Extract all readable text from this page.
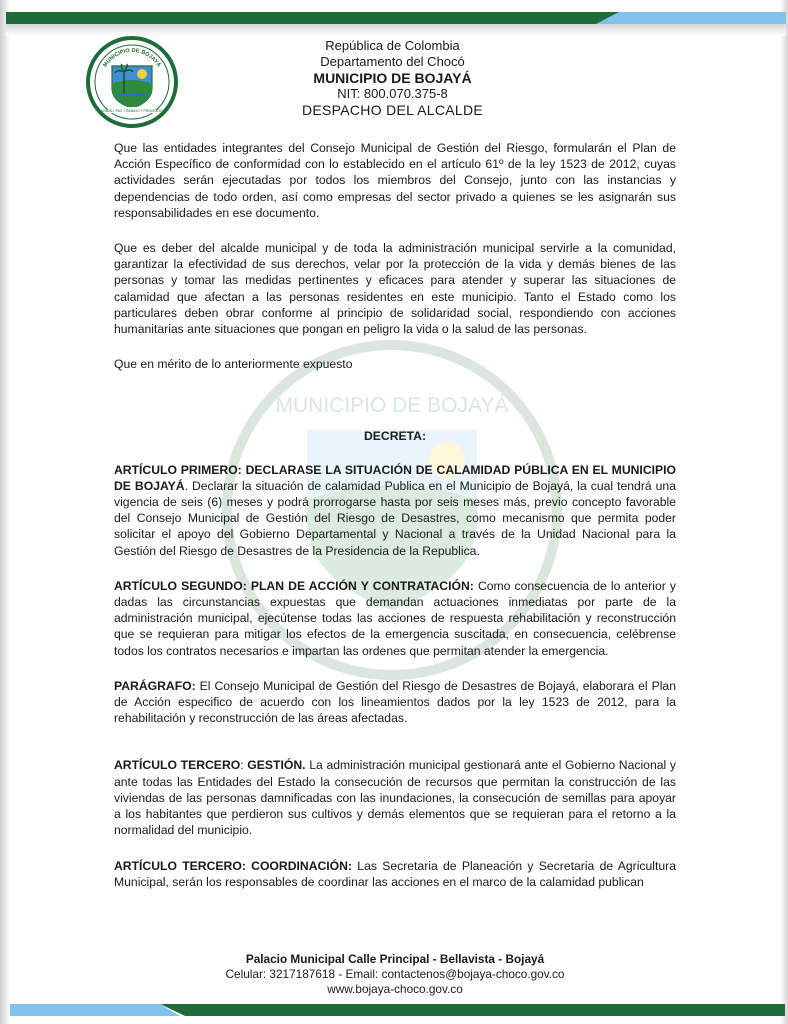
MUNICIPIO DE BOJAYÁ
UNIDAD, PAZ, TRABAJO Y PROGRESO
República de Colombia
Departamento del Chocó
MUNICIPIO DE BOJAYÁ
NIT: 800.070.375-8
DESPACHO DEL ALCALDE
MUNICIPIO DE BOJAYÁ

Que las entidades integrantes del Consejo Municipal de Gestión del Riesgo, formularán el Plan de Acción Específico de conformidad con lo establecido en el artículo 61º de la ley 1523 de 2012, cuyas actividades serán ejecutadas por todos los miembros del Consejo, junto con las instancias y dependencias de todo orden, así como empresas del sector privado a quienes se les asignarán sus responsabilidades en ese documento.

Que es deber del alcalde municipal y de toda la administración municipal servirle a la comunidad, garantizar la efectividad de sus derechos, velar por la protección de la vida y demás bienes de las personas y tomar las medidas pertinentes y eficaces para atender y superar las situaciones de calamidad que afectan a las personas residentes en este municipio. Tanto el Estado como los particulares deben obrar conforme al principio de solidaridad social, respondiendo con acciones humanitarias ante situaciones que pongan en peligro la vida o la salud de las personas.

Que en mérito de lo anteriormente expuesto

DECRETA:

ARTÍCULO PRIMERO: DECLARASE LA SITUACIÓN DE CALAMIDAD PÚBLICA EN EL MUNICIPIO DE BOJAYÁ. Declarar la situación de calamidad Publica en el Municipio de Bojayá, la cual tendrá una vigencia de seis (6) meses y podrá prorrogarse hasta por seis meses más, previo concepto favorable del Consejo Municipal de Gestión del Riesgo de Desastres, como mecanismo que permita poder solicitar el apoyo del Gobierno Departamental y Nacional a través de la Unidad Nacional para la Gestión del Riesgo de Desastres de la Presidencia de la Republica.

ARTÍCULO SEGUNDO: PLAN DE ACCIÓN Y CONTRATACIÓN: Como consecuencia de lo anterior y dadas las circunstancias expuestas que demandan actuaciones inmediatas por parte de la administración municipal, ejecútense todas las acciones de respuesta rehabilitación y reconstrucción que se requieran para mitigar los efectos de la emergencia suscitada, en consecuencia, celébrense todos los contratos necesarios e impartan las ordenes que permitan atender la emergencia.

PARÁGRAFO: El Consejo Municipal de Gestión del Riesgo de Desastres de Bojayá, elaborara el Plan de Acción especifico de acuerdo con los lineamientos dados por la ley 1523 de 2012, para la rehabilitación y reconstrucción de las áreas afectadas.

ARTÍCULO TERCERO: GESTIÓN. La administración municipal gestionará ante el Gobierno Nacional y ante todas las Entidades del Estado la consecución de recursos que permitan la construcción de las viviendas de las personas damnificadas con las inundaciones, la consecución de semillas para apoyar a los habitantes que perdieron sus cultivos y demás elementos que se requieran para el retorno a la normalidad del municipio.

ARTÍCULO TERCERO: COORDINACIÓN: Las Secretaria de Planeación y Secretaria de Agricultura Municipal, serán los responsables de coordinar las acciones en el marco de la calamidad publican

Palacio Municipal Calle Principal - Bellavista - Bojayá
Celular: 3217187618 - Email: contactenos@bojaya-choco.gov.co
www.bojaya-choco.gov.co
